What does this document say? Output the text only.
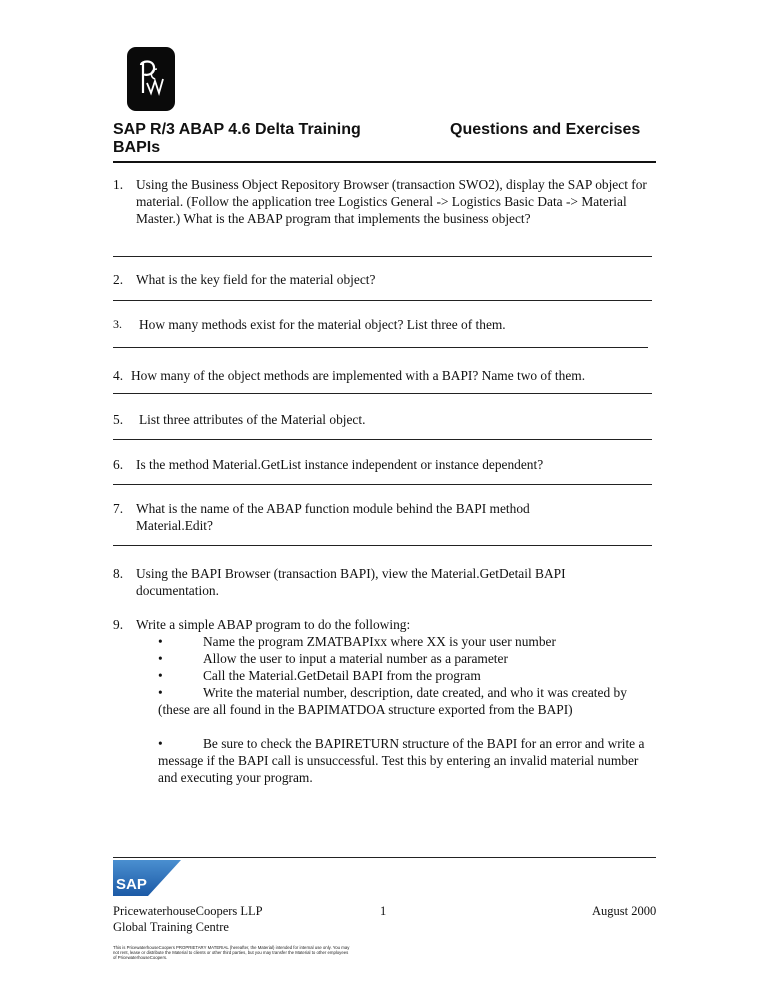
SAP R/3 ABAP 4.6 Delta Training	Questions and Exercises
BAPIs
1. Using the Business Object Repository Browser (transaction SWO2), display the SAP object for material. (Follow the application tree Logistics General -> Logistics Basic Data -> Material Master.) What is the ABAP program that implements the business object?
2. What is the key field for the material object?
3. How many methods exist for the material object? List three of them.
4. How many of the object methods are implemented with a BAPI? Name two of them.
5. List three attributes of the Material object.
6. Is the method Material.GetList instance independent or instance dependent?
7. What is the name of the ABAP function module behind the BAPI method Material.Edit?
8. Using the BAPI Browser (transaction BAPI), view the Material.GetDetail BAPI documentation.
9. Write a simple ABAP program to do the following:
•	Name the program ZMATBAPIxx where XX is your user number
•	Allow the user to input a material number as a parameter
•	Call the Material.GetDetail BAPI from the program
•	Write the material number, description, date created, and who it was created by (these are all found in the BAPIMATDOA structure exported from the BAPI)
•	Be sure to check the BAPIRETURN structure of the BAPI for an error and write a message if the BAPI call is unsuccessful. Test this by entering an invalid material number and executing your program.
SAP
PricewaterhouseCoopers LLP
Global Training Centre
1	August 2000
This is PricewaterhouseCoopers PROPRIETARY MATERIAL (hereafter, the Material) intended for internal use only. You may not rent, lease or distribute the Material to clients or other third parties, but you may transfer the Material to other employees of PricewaterhouseCoopers.
